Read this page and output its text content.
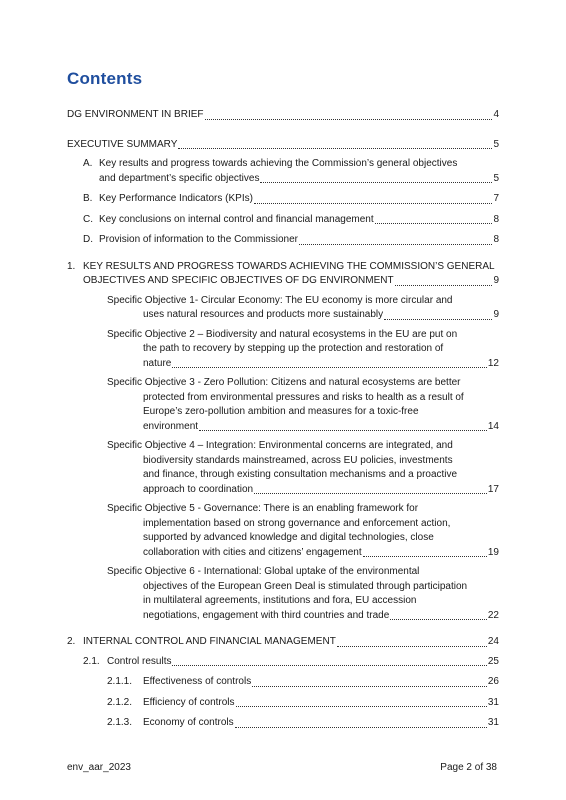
Contents
DG ENVIRONMENT IN BRIEF	4
EXECUTIVE SUMMARY	5
A. Key results and progress towards achieving the Commission’s general objectives
and department’s specific objectives	5
B. Key Performance Indicators (KPIs)	7
C. Key conclusions on internal control and financial management	8
D. Provision of information to the Commissioner	8
1. KEY RESULTS AND PROGRESS TOWARDS ACHIEVING THE COMMISSION’S GENERAL
OBJECTIVES AND SPECIFIC OBJECTIVES OF DG ENVIRONMENT	9
Specific Objective 1- Circular Economy: The EU economy is more circular and
uses natural resources and products more sustainably	9
Specific Objective 2 – Biodiversity and natural ecosystems in the EU are put on
the path to recovery by stepping up the protection and restoration of
nature	12
Specific Objective 3 - Zero Pollution: Citizens and natural ecosystems are better
protected from environmental pressures and risks to health as a result of
Europe’s zero-pollution ambition and measures for a toxic-free
environment	14
Specific Objective 4 – Integration: Environmental concerns are integrated, and
biodiversity standards mainstreamed, across EU policies, investments
and finance, through existing consultation mechanisms and a proactive
approach to coordination	17
Specific Objective 5 - Governance: There is an enabling framework for
implementation based on strong governance and enforcement action,
supported by advanced knowledge and digital technologies, close
collaboration with cities and citizens’ engagement	19
Specific Objective 6 - International: Global uptake of the environmental
objectives of the European Green Deal is stimulated through participation
in multilateral agreements, institutions and fora, EU accession
negotiations, engagement with third countries and trade	22
2. INTERNAL CONTROL AND FINANCIAL MANAGEMENT	24
2.1. Control results	25
2.1.1.	Effectiveness of controls	26
2.1.2.	Efficiency of controls	31
2.1.3.	Economy of controls	31
env_aar_2023	Page 2 of 38
